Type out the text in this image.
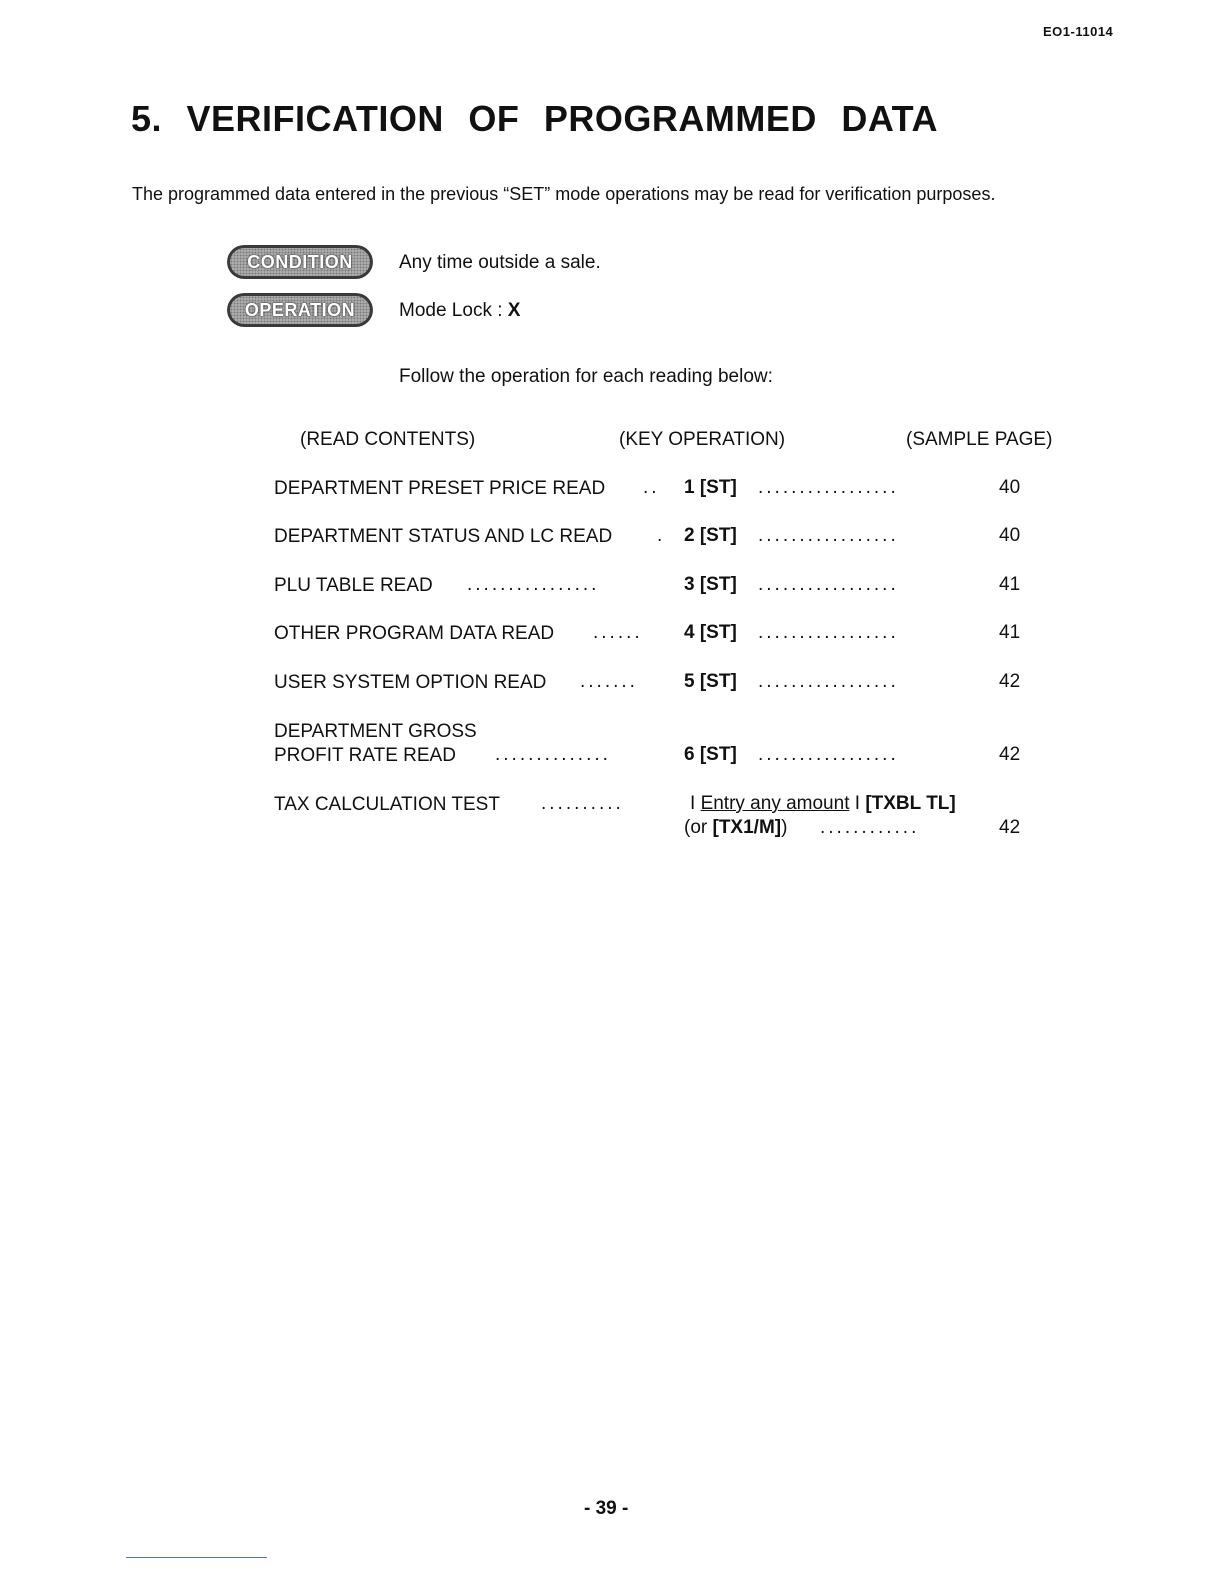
EO1-11014
5. VERIFICATION OF PROGRAMMED DATA

The programmed data entered in the previous “SET” mode operations may be read for verification purposes.

CONDITION Any time outside a sale.
OPERATION Mode Lock : X
Follow the operation for each reading below:
(READ CONTENTS)	(KEY OPERATION)	(SAMPLE PAGE)
DEPARTMENT PRESET PRICE READ .. 1 [ST] .................	40
DEPARTMENT STATUS AND LC READ . 2 [ST] .................	40
PLU TABLE READ ................	3 [ST] .................	41
OTHER PROGRAM DATA READ ...... 4 [ST] .................	41
USER SYSTEM OPTION READ ....... 5 [ST] .................	42
DEPARTMENT GROSS
PROFIT RATE READ ..............	6 [ST] .................	42
TAX CALCULATION TEST ..........	I Entry any amount I [TXBL TL]
(or [TX1/M]) ............	42
- 39 -
